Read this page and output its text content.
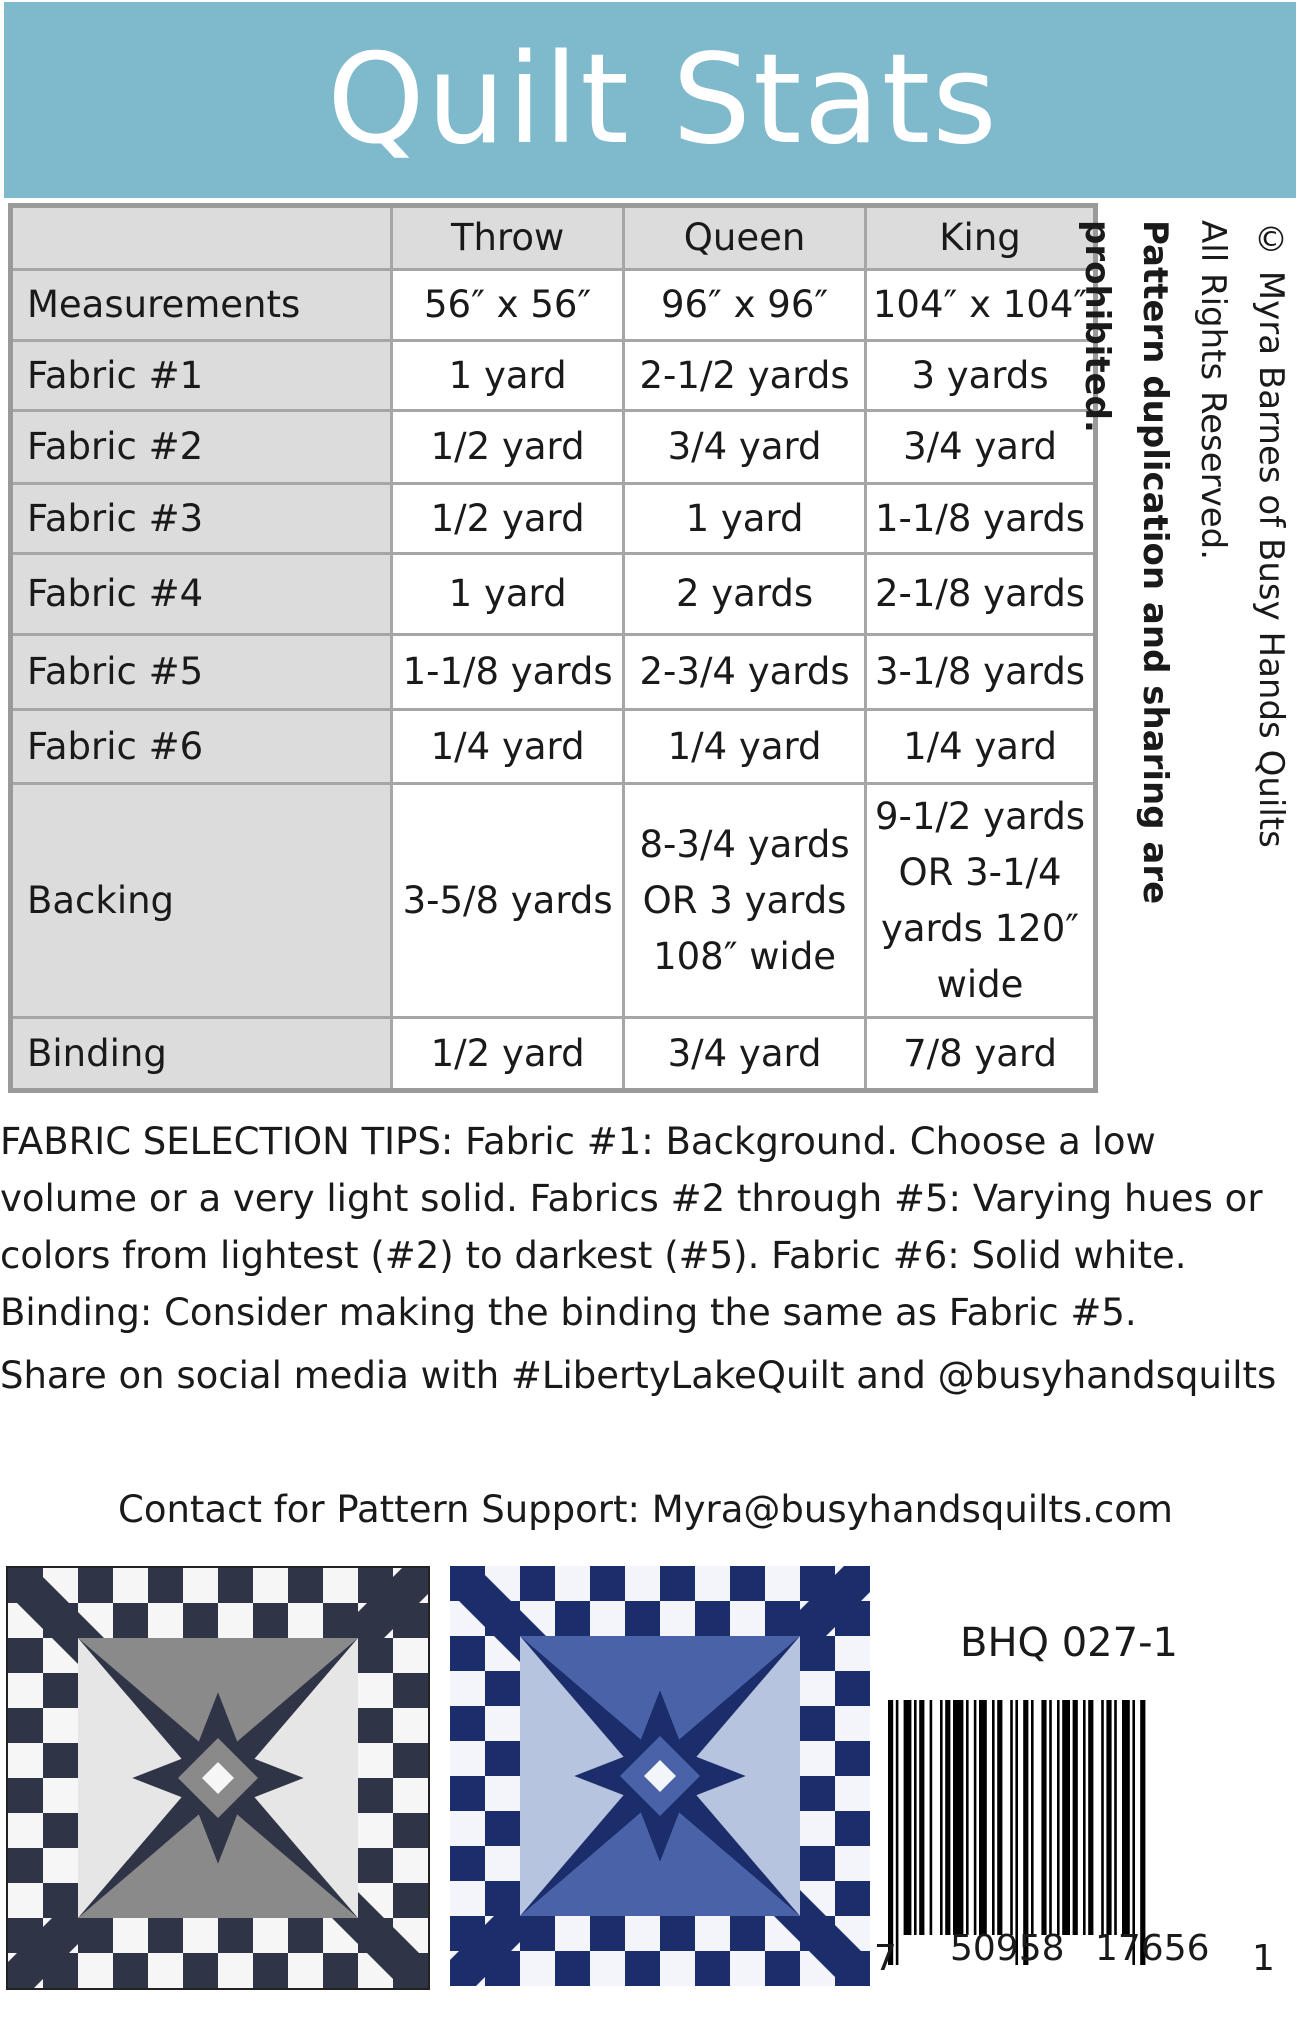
Quilt Stats
	Throw	Queen	King
Measurements	56″ x 56″	96″ x 96″	104″ x 104″
Fabric #1	1 yard	2-1/2 yards	3 yards
Fabric #2	1/2 yard	3/4 yard	3/4 yard
Fabric #3	1/2 yard	1 yard	1-1/8 yards
Fabric #4	1 yard	2 yards	2-1/8 yards
Fabric #5	1-1/8 yards	2-3/4 yards	3-1/8 yards
Fabric #6	1/4 yard	1/4 yard	1/4 yard
Backing	3-5/8 yards	8-3/4 yards OR 3 yards 108″ wide	9-1/2 yards OR 3-1/4 yards 120″ wide
Binding	1/2 yard	3/4 yard	7/8 yard
© Myra Barnes of Busy Hands Quilts
All Rights Reserved.
Pattern duplication and sharing are prohibited.

FABRIC SELECTION TIPS: Fabric #1: Background. Choose a low volume or a very light solid. Fabrics #2 through #5: Varying hues or colors from lightest (#2) to darkest (#5). Fabric #6: Solid white. Binding: Consider making the binding the same as Fabric #5.

Share on social media with #LibertyLakeQuilt and @busyhandsquilts
Contact for Pattern Support: Myra@busyhandsquilts.com
BHQ 027-1
7 50958 17656 1
